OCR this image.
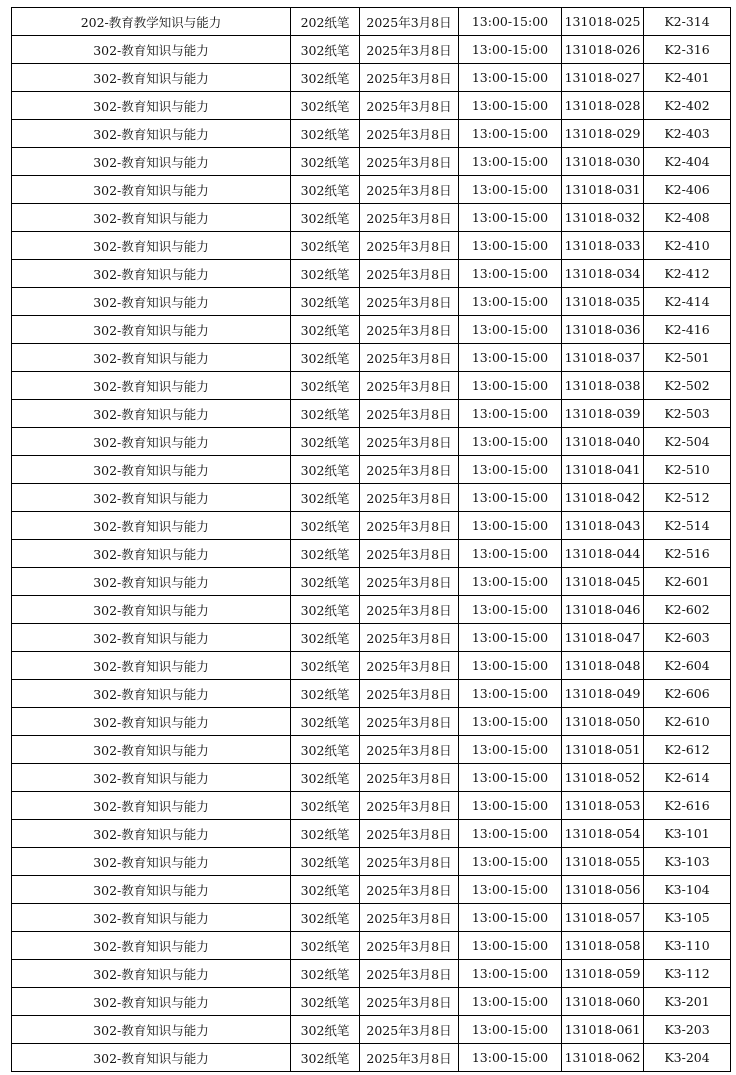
202-教育教学知识与能力	202纸笔	2025年3月8日	13:00-15:00	131018-025	K2-314
302-教育知识与能力	302纸笔	2025年3月8日	13:00-15:00	131018-026	K2-316
302-教育知识与能力	302纸笔	2025年3月8日	13:00-15:00	131018-027	K2-401
302-教育知识与能力	302纸笔	2025年3月8日	13:00-15:00	131018-028	K2-402
302-教育知识与能力	302纸笔	2025年3月8日	13:00-15:00	131018-029	K2-403
302-教育知识与能力	302纸笔	2025年3月8日	13:00-15:00	131018-030	K2-404
302-教育知识与能力	302纸笔	2025年3月8日	13:00-15:00	131018-031	K2-406
302-教育知识与能力	302纸笔	2025年3月8日	13:00-15:00	131018-032	K2-408
302-教育知识与能力	302纸笔	2025年3月8日	13:00-15:00	131018-033	K2-410
302-教育知识与能力	302纸笔	2025年3月8日	13:00-15:00	131018-034	K2-412
302-教育知识与能力	302纸笔	2025年3月8日	13:00-15:00	131018-035	K2-414
302-教育知识与能力	302纸笔	2025年3月8日	13:00-15:00	131018-036	K2-416
302-教育知识与能力	302纸笔	2025年3月8日	13:00-15:00	131018-037	K2-501
302-教育知识与能力	302纸笔	2025年3月8日	13:00-15:00	131018-038	K2-502
302-教育知识与能力	302纸笔	2025年3月8日	13:00-15:00	131018-039	K2-503
302-教育知识与能力	302纸笔	2025年3月8日	13:00-15:00	131018-040	K2-504
302-教育知识与能力	302纸笔	2025年3月8日	13:00-15:00	131018-041	K2-510
302-教育知识与能力	302纸笔	2025年3月8日	13:00-15:00	131018-042	K2-512
302-教育知识与能力	302纸笔	2025年3月8日	13:00-15:00	131018-043	K2-514
302-教育知识与能力	302纸笔	2025年3月8日	13:00-15:00	131018-044	K2-516
302-教育知识与能力	302纸笔	2025年3月8日	13:00-15:00	131018-045	K2-601
302-教育知识与能力	302纸笔	2025年3月8日	13:00-15:00	131018-046	K2-602
302-教育知识与能力	302纸笔	2025年3月8日	13:00-15:00	131018-047	K2-603
302-教育知识与能力	302纸笔	2025年3月8日	13:00-15:00	131018-048	K2-604
302-教育知识与能力	302纸笔	2025年3月8日	13:00-15:00	131018-049	K2-606
302-教育知识与能力	302纸笔	2025年3月8日	13:00-15:00	131018-050	K2-610
302-教育知识与能力	302纸笔	2025年3月8日	13:00-15:00	131018-051	K2-612
302-教育知识与能力	302纸笔	2025年3月8日	13:00-15:00	131018-052	K2-614
302-教育知识与能力	302纸笔	2025年3月8日	13:00-15:00	131018-053	K2-616
302-教育知识与能力	302纸笔	2025年3月8日	13:00-15:00	131018-054	K3-101
302-教育知识与能力	302纸笔	2025年3月8日	13:00-15:00	131018-055	K3-103
302-教育知识与能力	302纸笔	2025年3月8日	13:00-15:00	131018-056	K3-104
302-教育知识与能力	302纸笔	2025年3月8日	13:00-15:00	131018-057	K3-105
302-教育知识与能力	302纸笔	2025年3月8日	13:00-15:00	131018-058	K3-110
302-教育知识与能力	302纸笔	2025年3月8日	13:00-15:00	131018-059	K3-112
302-教育知识与能力	302纸笔	2025年3月8日	13:00-15:00	131018-060	K3-201
302-教育知识与能力	302纸笔	2025年3月8日	13:00-15:00	131018-061	K3-203
302-教育知识与能力	302纸笔	2025年3月8日	13:00-15:00	131018-062	K3-204
